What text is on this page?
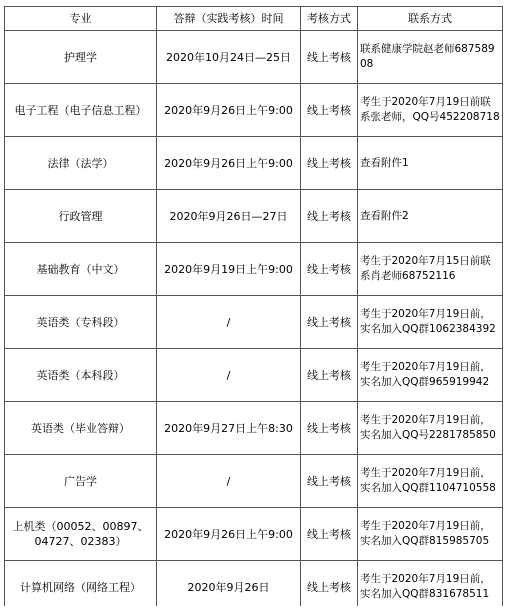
专业	答辩（实践考核）时间	考核方式	联系方式
护理学	2020年10月24日—25日	线上考核	联系健康学院赵老师68758908
电子工程（电子信息工程）	2020年9月26日上午9:00	线上考核	考生于2020年7月19日前联系张老师，QQ号452208718
法律（法学）	2020年9月26日上午9:00	线上考核	查看附件1
行政管理	2020年9月26日—27日	线上考核	查看附件2
基础教育（中文）	2020年9月19日上午9:00	线上考核	考生于2020年7月15日前联系肖老师68752116
英语类（专科段）	/	线上考核	考生于2020年7月19日前，实名加入QQ群1062384392
英语类（本科段）	/	线上考核	考生于2020年7月19日前，实名加入QQ群965919942
英语类（毕业答辩）	2020年9月27日上午8:30	线上考核	考生于2020年7月19日前，实名加入QQ号2281785850
广告学	/	线上考核	考生于2020年7月19日前，实名加入QQ群1104710558
上机类（00052、00897、04727、02383）	2020年9月26日上午9:00	线上考核	考生于2020年7月19日前，实名加入QQ群815985705
计算机网络（网络工程）	2020年9月26日	线上考核	考生于2020年7月19日前，实名加入QQ群831678511
